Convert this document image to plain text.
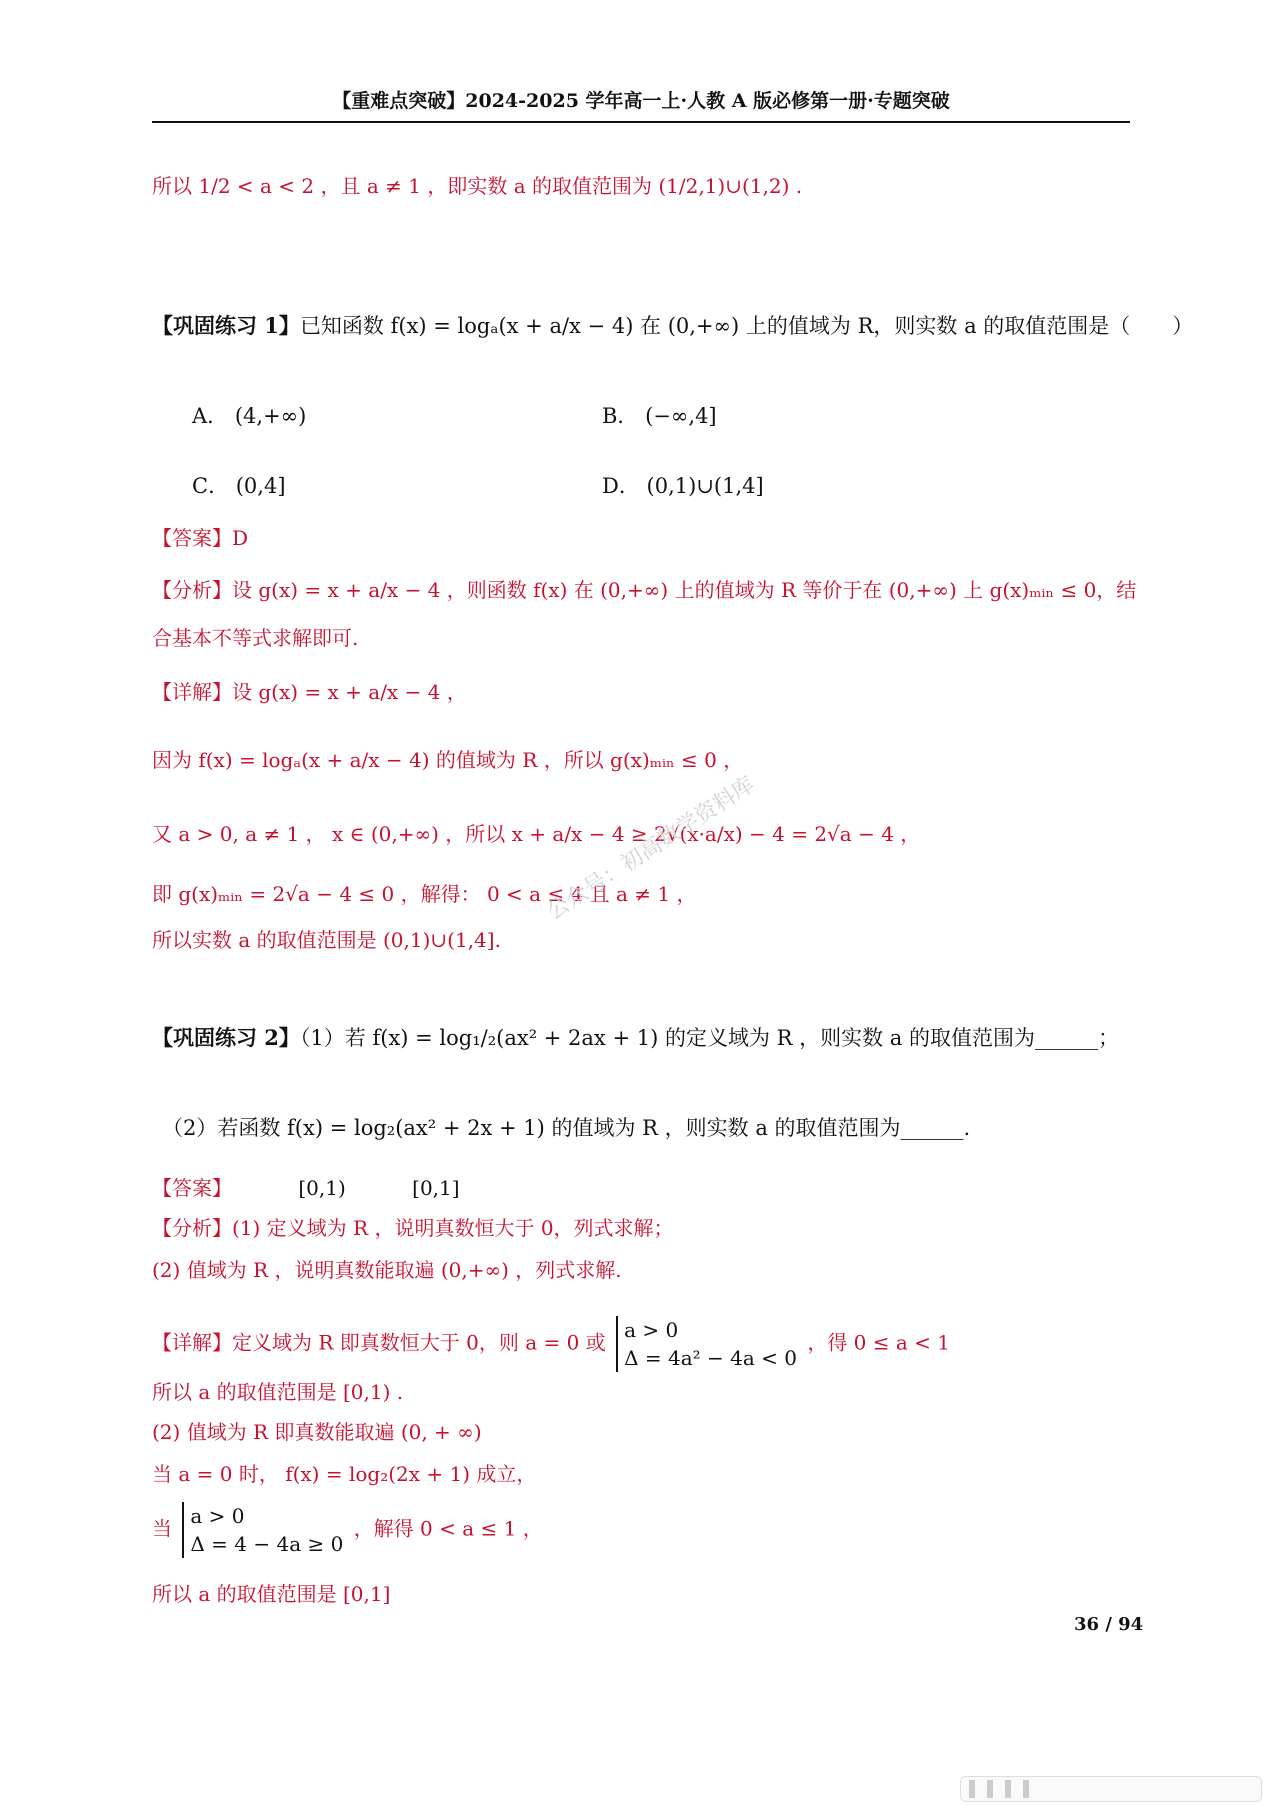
【重难点突破】2024-2025 学年高一上·人教 A 版必修第一册·专题突破
所以 1/2 < a < 2 ，且 a ≠ 1 ，即实数 a 的取值范围为 (1/2,1)∪(1,2) .
【巩固练习 1】已知函数 f(x) = logₐ(x + a/x − 4) 在 (0,+∞) 上的值域为 R，则实数 a 的取值范围是（　　）
A． (4,+∞)	B． (−∞,4]
C． (0,4]	D． (0,1)∪(1,4]
【答案】D
【分析】设 g(x) = x + a/x − 4 ，则函数 f(x) 在 (0,+∞) 上的值域为 R 等价于在 (0,+∞) 上 g(x)ₘᵢₙ ≤ 0，结
合基本不等式求解即可.
【详解】设 g(x) = x + a/x − 4 ，
因为 f(x) = logₐ(x + a/x − 4) 的值域为 R ，所以 g(x)ₘᵢₙ ≤ 0 ，
又 a > 0, a ≠ 1 ， x ∈ (0,+∞) ，所以 x + a/x − 4 ≥ 2√(x·a/x) − 4 = 2√a − 4 ，
即 g(x)ₘᵢₙ = 2√a − 4 ≤ 0 ，解得： 0 < a ≤ 4 且 a ≠ 1 ，
所以实数 a 的取值范围是 (0,1)∪(1,4].
公众号：初高数学资料库
【巩固练习 2】（1）若 f(x) = log₁/₂(ax² + 2ax + 1) 的定义域为 R ，则实数 a 的取值范围为______；
（2）若函数 f(x) = log₂(ax² + 2x + 1) 的值域为 R ，则实数 a 的取值范围为______.
【答案】	[0,1)	[0,1]
【分析】(1) 定义域为 R ，说明真数恒大于 0，列式求解；
(2) 值域为 R ，说明真数能取遍 (0,+∞) ，列式求解.
【详解】定义域为 R 即真数恒大于 0，则 a = 0 或
a > 0
Δ = 4a² − 4a < 0
，得 0 ≤ a < 1
所以 a 的取值范围是 [0,1) .
(2) 值域为 R 即真数能取遍 (0, + ∞)
当 a = 0 时， f(x) = log₂(2x + 1) 成立，
当
a > 0
Δ = 4 − 4a ≥ 0
，解得 0 < a ≤ 1 ，
所以 a 的取值范围是 [0,1]
36 / 94
